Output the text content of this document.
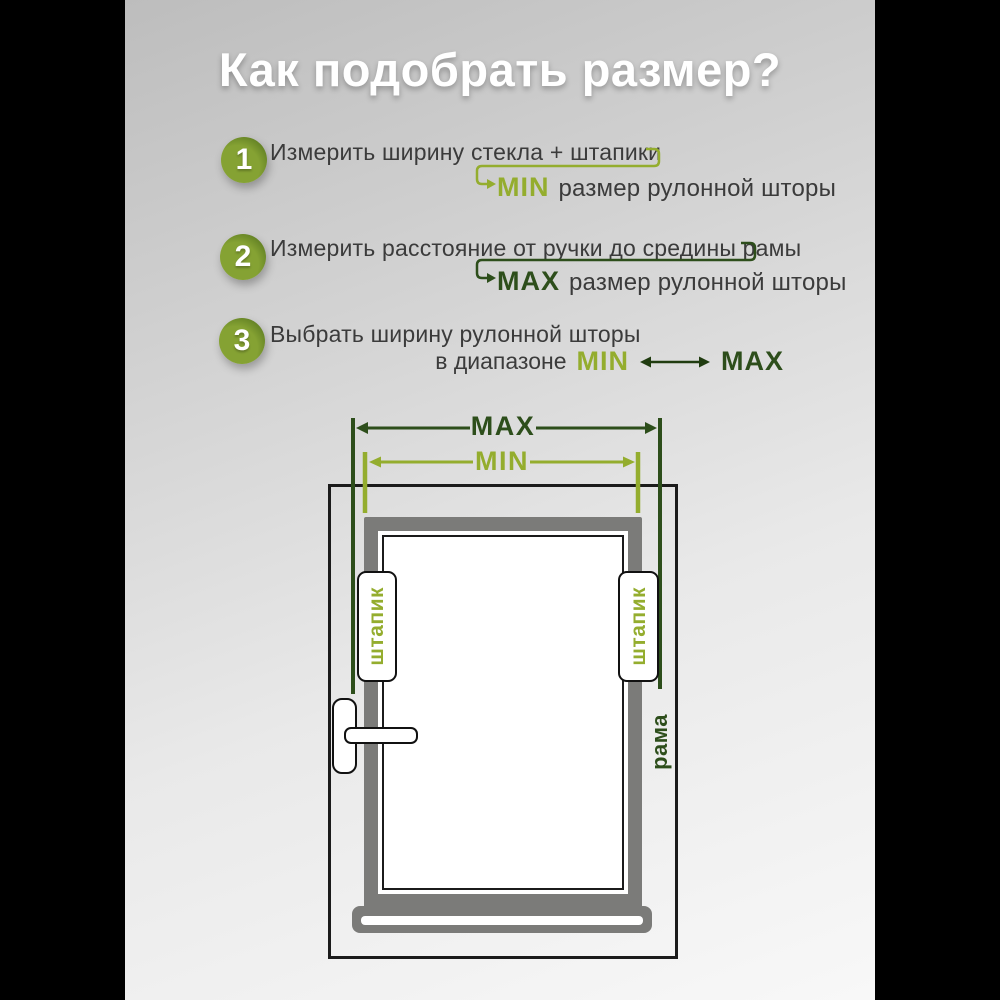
Как подобрать размер?
1 Измерить ширину стекла + штапики
MIN размер рулонной шторы
2 Измерить расстояние от ручки до средины рамы
MAX размер рулонной шторы
3 Выбрать ширину рулонной шторы
в диапазоне MIN	MAX
штапик	штапик
рама
MAX
MIN
